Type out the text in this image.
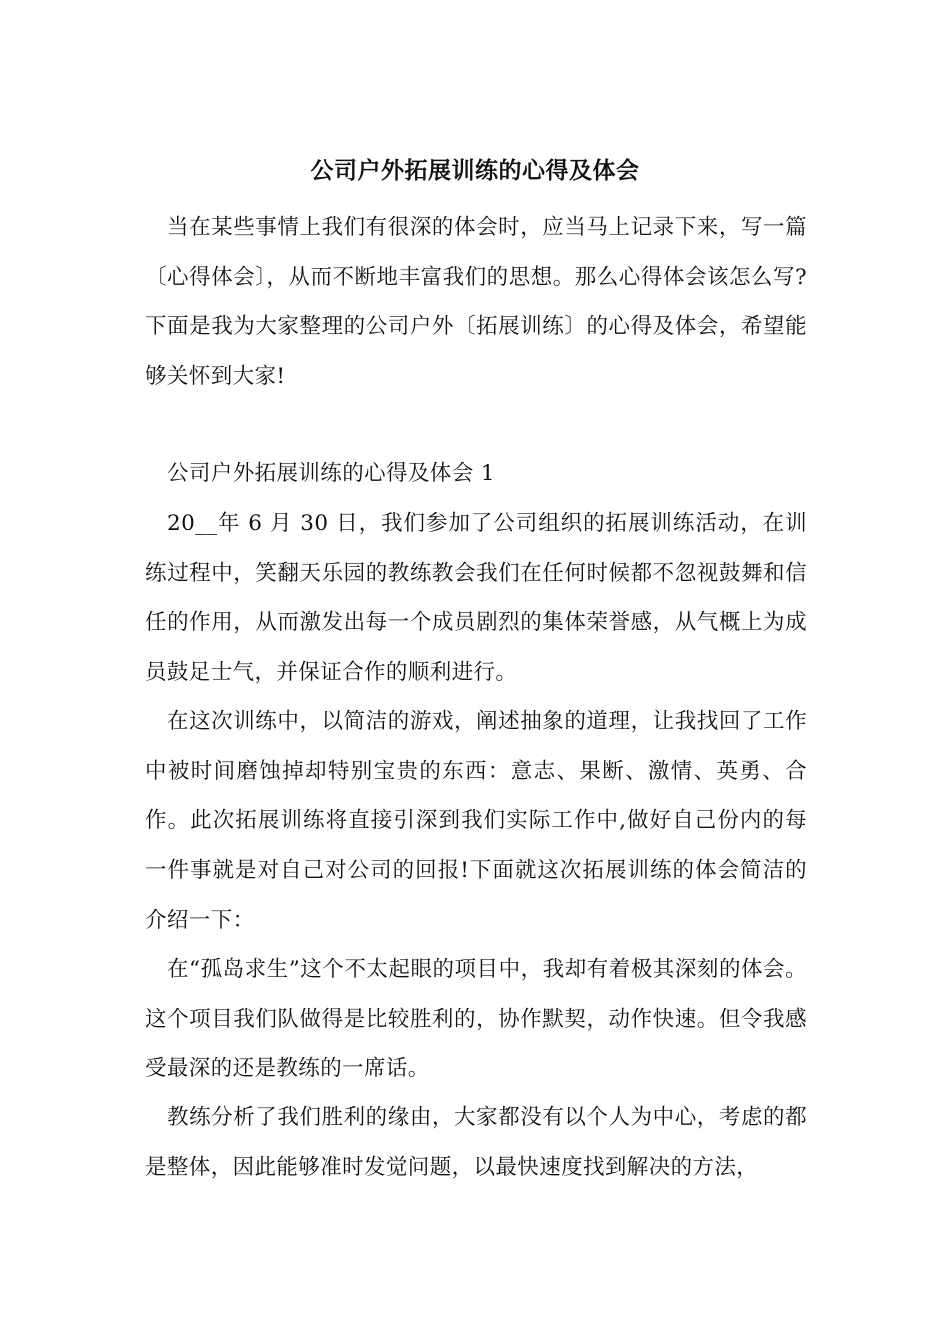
公司户外拓展训练的心得及体会

当在某些事情上我们有很深的体会时，应当马上记录下来，写一篇〔心得体会〕，从而不断地丰富我们的思想。那么心得体会该怎么写?下面是我为大家整理的公司户外〔拓展训练〕的心得及体会，希望能够关怀到大家!

公司户外拓展训练的心得及体会 1

20__年 6 月 30 日，我们参加了公司组织的拓展训练活动，在训练过程中，笑翻天乐园的教练教会我们在任何时候都不忽视鼓舞和信任的作用，从而激发出每一个成员剧烈的集体荣誉感，从气概上为成员鼓足士气，并保证合作的顺利进行。

在这次训练中，以简洁的游戏，阐述抽象的道理，让我找回了工作中被时间磨蚀掉却特别宝贵的东西：意志、果断、激情、英勇、合作。此次拓展训练将直接引深到我们实际工作中,做好自己份内的每一件事就是对自己对公司的回报!下面就这次拓展训练的体会简洁的介绍一下：

在“孤岛求生”这个不太起眼的项目中，我却有着极其深刻的体会。这个项目我们队做得是比较胜利的，协作默契，动作快速。但令我感受最深的还是教练的一席话。

教练分析了我们胜利的缘由，大家都没有以个人为中心，考虑的都是整体，因此能够准时发觉问题，以最快速度找到解决的方法，
